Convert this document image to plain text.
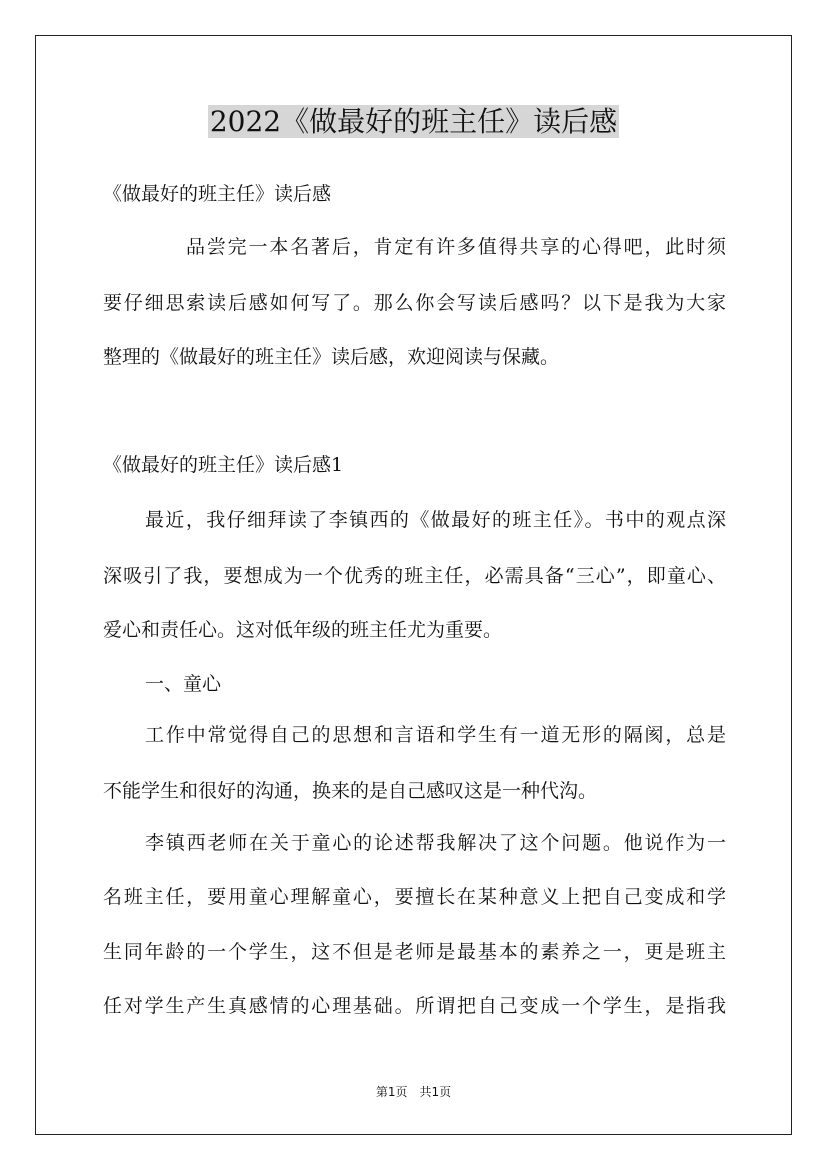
2022《做最好的班主任》读后感
《做最好的班主任》读后感
品尝完一本名著后，肯定有许多值得共享的心得吧，此时须
要仔细思索读后感如何写了。那么你会写读后感吗？以下是我为大家
整理的《做最好的班主任》读后感，欢迎阅读与保藏。
《做最好的班主任》读后感1
最近，我仔细拜读了李镇西的《做最好的班主任》。书中的观点深
深吸引了我，要想成为一个优秀的班主任，必需具备“三心”，即童心、
爱心和责任心。这对低年级的班主任尤为重要。
一、童心
工作中常觉得自己的思想和言语和学生有一道无形的隔阂，总是
不能学生和很好的沟通，换来的是自己感叹这是一种代沟。
李镇西老师在关于童心的论述帮我解决了这个问题。他说作为一
名班主任，要用童心理解童心，要擅长在某种意义上把自己变成和学
生同年龄的一个学生，这不但是老师是最基本的素养之一，更是班主
任对学生产生真感情的心理基础。所谓把自己变成一个学生，是指我
第1页　共1页
